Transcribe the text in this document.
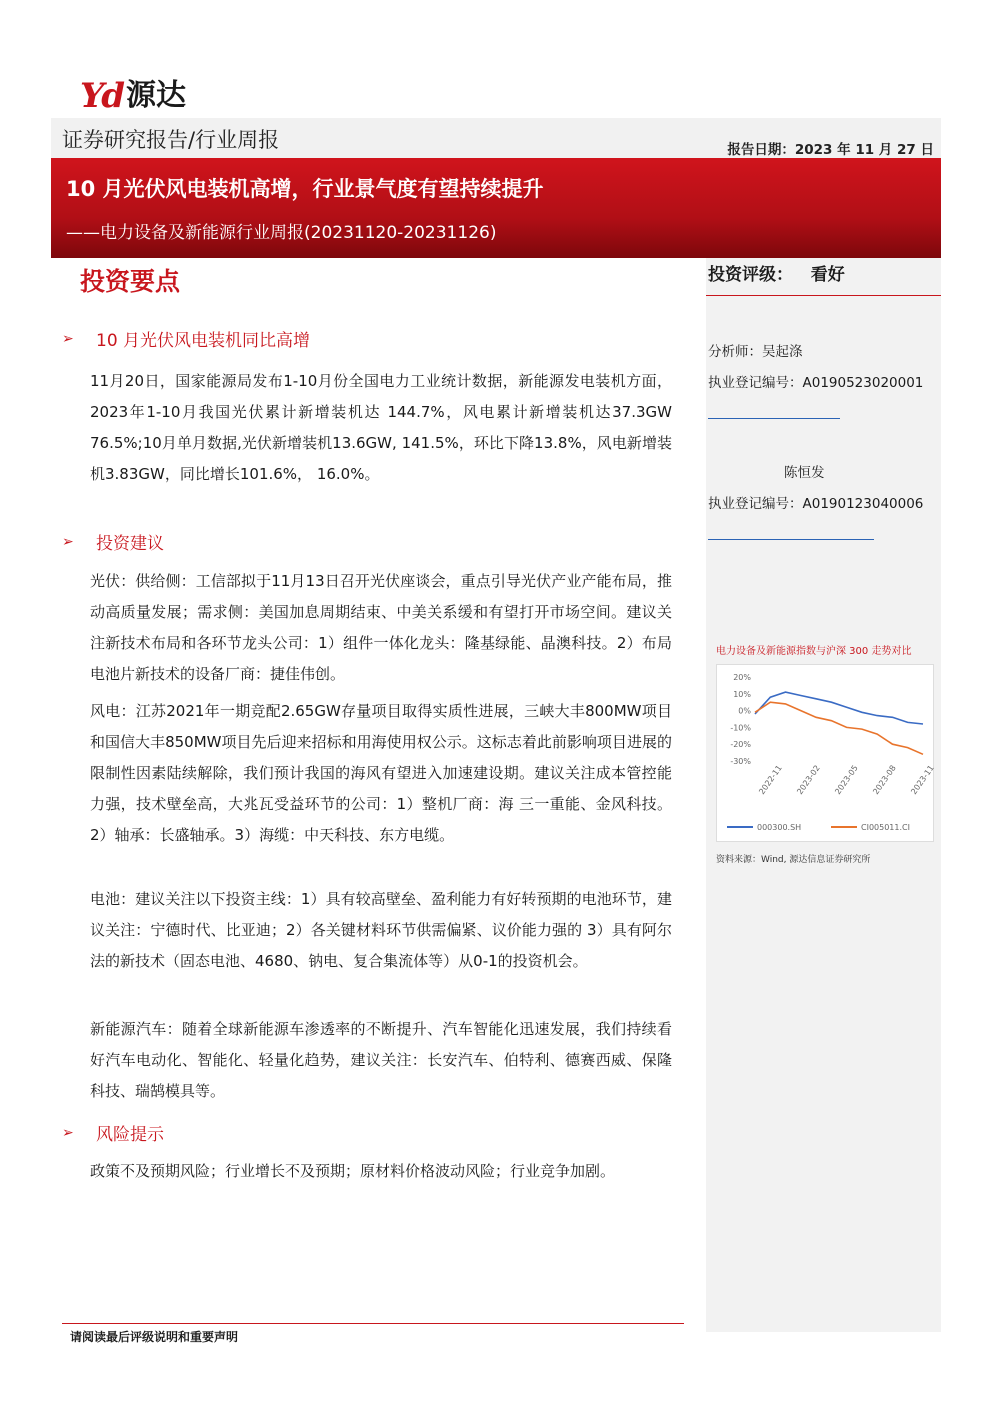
Yd 源达
证券研究报告/行业周报	报告日期：2023 年 11 月 27 日
10 月光伏风电装机高增，行业景气度有望持续提升
——电力设备及新能源行业周报(20231120-20231126)
投资评级：   看好
分析师：吴起涤
执业登记编号：A0190523020001
陈恒发
执业登记编号：A0190123040006
电力设备及新能源指数与沪深 300 走势对比
20%
10%
0%
-10%
-20%
-30%
2022-11 2023-02 2023-05 2023-08 2023-11
000300.SH	CI005011.CI
资料来源：Wind, 源达信息证券研究所
投资要点
➢	10 月光伏风电装机同比高增
11月20日，国家能源局发布1-10月份全国电力工业统计数据，新能源发电装机方面，2023年1-10月我国光伏累计新增装机达 144.7%，风电累计新增装机达37.3GW 76.5%;10月单月数据,光伏新增装机13.6GW, 141.5%，环比下降13.8%，风电新增装机3.83GW，同比增长101.6%， 16.0%。
➢	投资建议
光伏：供给侧：工信部拟于11月13日召开光伏座谈会，重点引导光伏产业产能布局，推动高质量发展；需求侧：美国加息周期结束、中美关系缓和有望打开市场空间。建议关注新技术布局和各环节龙头公司：1）组件一体化龙头：隆基绿能、晶澳科技。2）布局电池片新技术的设备厂商：捷佳伟创。
风电：江苏2021年一期竞配2.65GW存量项目取得实质性进展，三峡大丰800MW项目和国信大丰850MW项目先后迎来招标和用海使用权公示。这标志着此前影响项目进展的限制性因素陆续解除，我们预计我国的海风有望进入加速建设期。建议关注成本管控能力强，技术壁垒高，大兆瓦受益环节的公司：1）整机厂商：海 三一重能、金风科技。2）轴承：长盛轴承。3）海缆：中天科技、东方电缆。
电池：建议关注以下投资主线：1）具有较高壁垒、盈利能力有好转预期的电池环节，建议关注：宁德时代、比亚迪；2）各关键材料环节供需偏紧、议价能力强的 3）具有阿尔法的新技术（固态电池、4680、钠电、复合集流体等）从0-1的投资机会。
新能源汽车：随着全球新能源车渗透率的不断提升、汽车智能化迅速发展，我们持续看好汽车电动化、智能化、轻量化趋势，建议关注：长安汽车、伯特利、德赛西威、保隆科技、瑞鹄模具等。
➢	风险提示
政策不及预期风险；行业增长不及预期；原材料价格波动风险；行业竞争加剧。
请阅读最后评级说明和重要声明
